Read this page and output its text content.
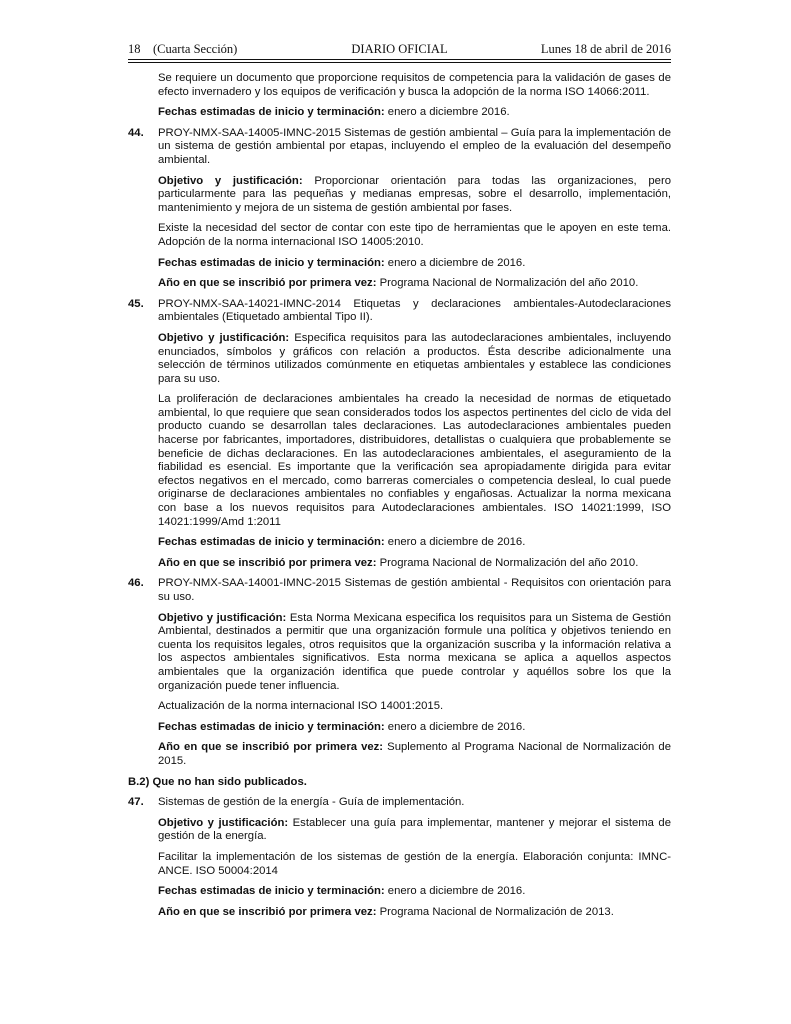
18 (Cuarta Sección)	DIARIO OFICIAL	Lunes 18 de abril de 2016

Se requiere un documento que proporcione requisitos de competencia para la validación de gases de efecto invernadero y los equipos de verificación y busca la adopción de la norma ISO 14066:2011.

Fechas estimadas de inicio y terminación: enero a diciembre 2016.

44. PROY-NMX-SAA-14005-IMNC-2015 Sistemas de gestión ambiental – Guía para la implementación de un sistema de gestión ambiental por etapas, incluyendo el empleo de la evaluación del desempeño ambiental.

Objetivo y justificación: Proporcionar orientación para todas las organizaciones, pero particularmente para las pequeñas y medianas empresas, sobre el desarrollo, implementación, mantenimiento y mejora de un sistema de gestión ambiental por fases.

Existe la necesidad del sector de contar con este tipo de herramientas que le apoyen en este tema. Adopción de la norma internacional ISO 14005:2010.

Fechas estimadas de inicio y terminación: enero a diciembre de 2016.

Año en que se inscribió por primera vez: Programa Nacional de Normalización del año 2010.

45. PROY-NMX-SAA-14021-IMNC-2014 Etiquetas y declaraciones ambientales-Autodeclaraciones ambientales (Etiquetado ambiental Tipo II).

Objetivo y justificación: Especifica requisitos para las autodeclaraciones ambientales, incluyendo enunciados, símbolos y gráficos con relación a productos. Ésta describe adicionalmente una selección de términos utilizados comúnmente en etiquetas ambientales y establece las condiciones para su uso.

La proliferación de declaraciones ambientales ha creado la necesidad de normas de etiquetado ambiental, lo que requiere que sean considerados todos los aspectos pertinentes del ciclo de vida del producto cuando se desarrollan tales declaraciones. Las autodeclaraciones ambientales pueden hacerse por fabricantes, importadores, distribuidores, detallistas o cualquiera que probablemente se beneficie de dichas declaraciones. En las autodeclaraciones ambientales, el aseguramiento de la fiabilidad es esencial. Es importante que la verificación sea apropiadamente dirigida para evitar efectos negativos en el mercado, como barreras comerciales o competencia desleal, lo cual puede originarse de declaraciones ambientales no confiables y engañosas. Actualizar la norma mexicana con base a los nuevos requisitos para Autodeclaraciones ambientales. ISO 14021:1999, ISO 14021:1999/Amd 1:2011

Fechas estimadas de inicio y terminación: enero a diciembre de 2016.

Año en que se inscribió por primera vez: Programa Nacional de Normalización del año 2010.

46. PROY-NMX-SAA-14001-IMNC-2015 Sistemas de gestión ambiental - Requisitos con orientación para su uso.

Objetivo y justificación: Esta Norma Mexicana especifica los requisitos para un Sistema de Gestión Ambiental, destinados a permitir que una organización formule una política y objetivos teniendo en cuenta los requisitos legales, otros requisitos que la organización suscriba y la información relativa a los aspectos ambientales significativos. Esta norma mexicana se aplica a aquellos aspectos ambientales que la organización identifica que puede controlar y aquéllos sobre los que la organización puede tener influencia.

Actualización de la norma internacional ISO 14001:2015.

Fechas estimadas de inicio y terminación: enero a diciembre de 2016.

Año en que se inscribió por primera vez: Suplemento al Programa Nacional de Normalización de 2015.

B.2) Que no han sido publicados.

47. Sistemas de gestión de la energía - Guía de implementación.

Objetivo y justificación: Establecer una guía para implementar, mantener y mejorar el sistema de gestión de la energía.

Facilitar la implementación de los sistemas de gestión de la energía. Elaboración conjunta: IMNC-ANCE. ISO 50004:2014

Fechas estimadas de inicio y terminación: enero a diciembre de 2016.

Año en que se inscribió por primera vez: Programa Nacional de Normalización de 2013.
